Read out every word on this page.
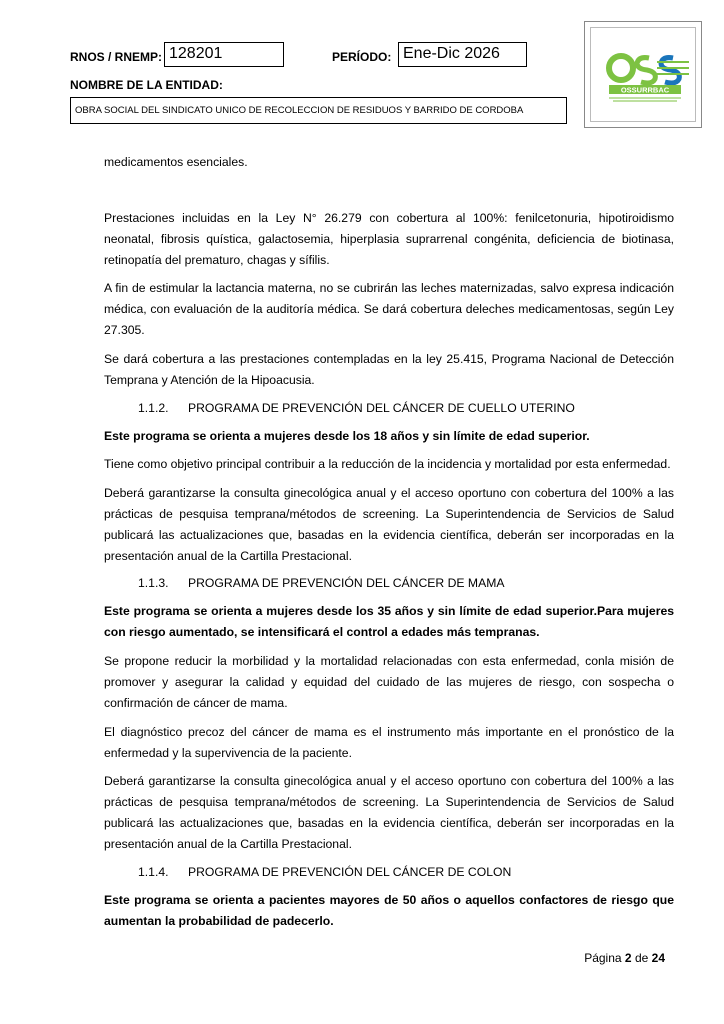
RNOS / RNEMP: 128201	PERÍODO: Ene-Dic 2026
NOMBRE DE LA ENTIDAD:
OBRA SOCIAL DEL SINDICATO UNICO DE RECOLECCION DE RESIDUOS Y BARRIDO DE CORDOBA
OSSURRBAC

medicamentos esenciales.

Prestaciones incluidas en la Ley N° 26.279 con cobertura al 100%: fenilcetonuria, hipotiroidismo neonatal, fibrosis quística, galactosemia, hiperplasia suprarrenal congénita, deficiencia de biotinasa, retinopatía del prematuro, chagas y sífilis.

A fin de estimular la lactancia materna, no se cubrirán las leches maternizadas, salvo expresa indicación médica, con evaluación de la auditoría médica. Se dará cobertura deleches medicamentosas, según Ley 27.305.

Se dará cobertura a las prestaciones contempladas en la ley 25.415, Programa Nacional de Detección Temprana y Atención de la Hipoacusia.

1.1.2. PROGRAMA DE PREVENCIÓN DEL CÁNCER DE CUELLO UTERINO

Este programa se orienta a mujeres desde los 18 años y sin límite de edad superior.

Tiene como objetivo principal contribuir a la reducción de la incidencia y mortalidad por esta enfermedad.

Deberá garantizarse la consulta ginecológica anual y el acceso oportuno con cobertura del 100% a las prácticas de pesquisa temprana/métodos de screening. La Superintendencia de Servicios de Salud publicará las actualizaciones que, basadas en la evidencia científica, deberán ser incorporadas en la presentación anual de la Cartilla Prestacional.

1.1.3. PROGRAMA DE PREVENCIÓN DEL CÁNCER DE MAMA

Este programa se orienta a mujeres desde los 35 años y sin límite de edad superior.Para mujeres con riesgo aumentado, se intensificará el control a edades más tempranas.

Se propone reducir la morbilidad y la mortalidad relacionadas con esta enfermedad, conla misión de promover y asegurar la calidad y equidad del cuidado de las mujeres de riesgo, con sospecha o confirmación de cáncer de mama.

El diagnóstico precoz del cáncer de mama es el instrumento más importante en el pronóstico de la enfermedad y la supervivencia de la paciente.

Deberá garantizarse la consulta ginecológica anual y el acceso oportuno con cobertura del 100% a las prácticas de pesquisa temprana/métodos de screening. La Superintendencia de Servicios de Salud publicará las actualizaciones que, basadas en la evidencia científica, deberán ser incorporadas en la presentación anual de la Cartilla Prestacional.

1.1.4. PROGRAMA DE PREVENCIÓN DEL CÁNCER DE COLON

Este programa se orienta a pacientes mayores de 50 años o aquellos confactores de riesgo que aumentan la probabilidad de padecerlo.

Página 2 de 24
